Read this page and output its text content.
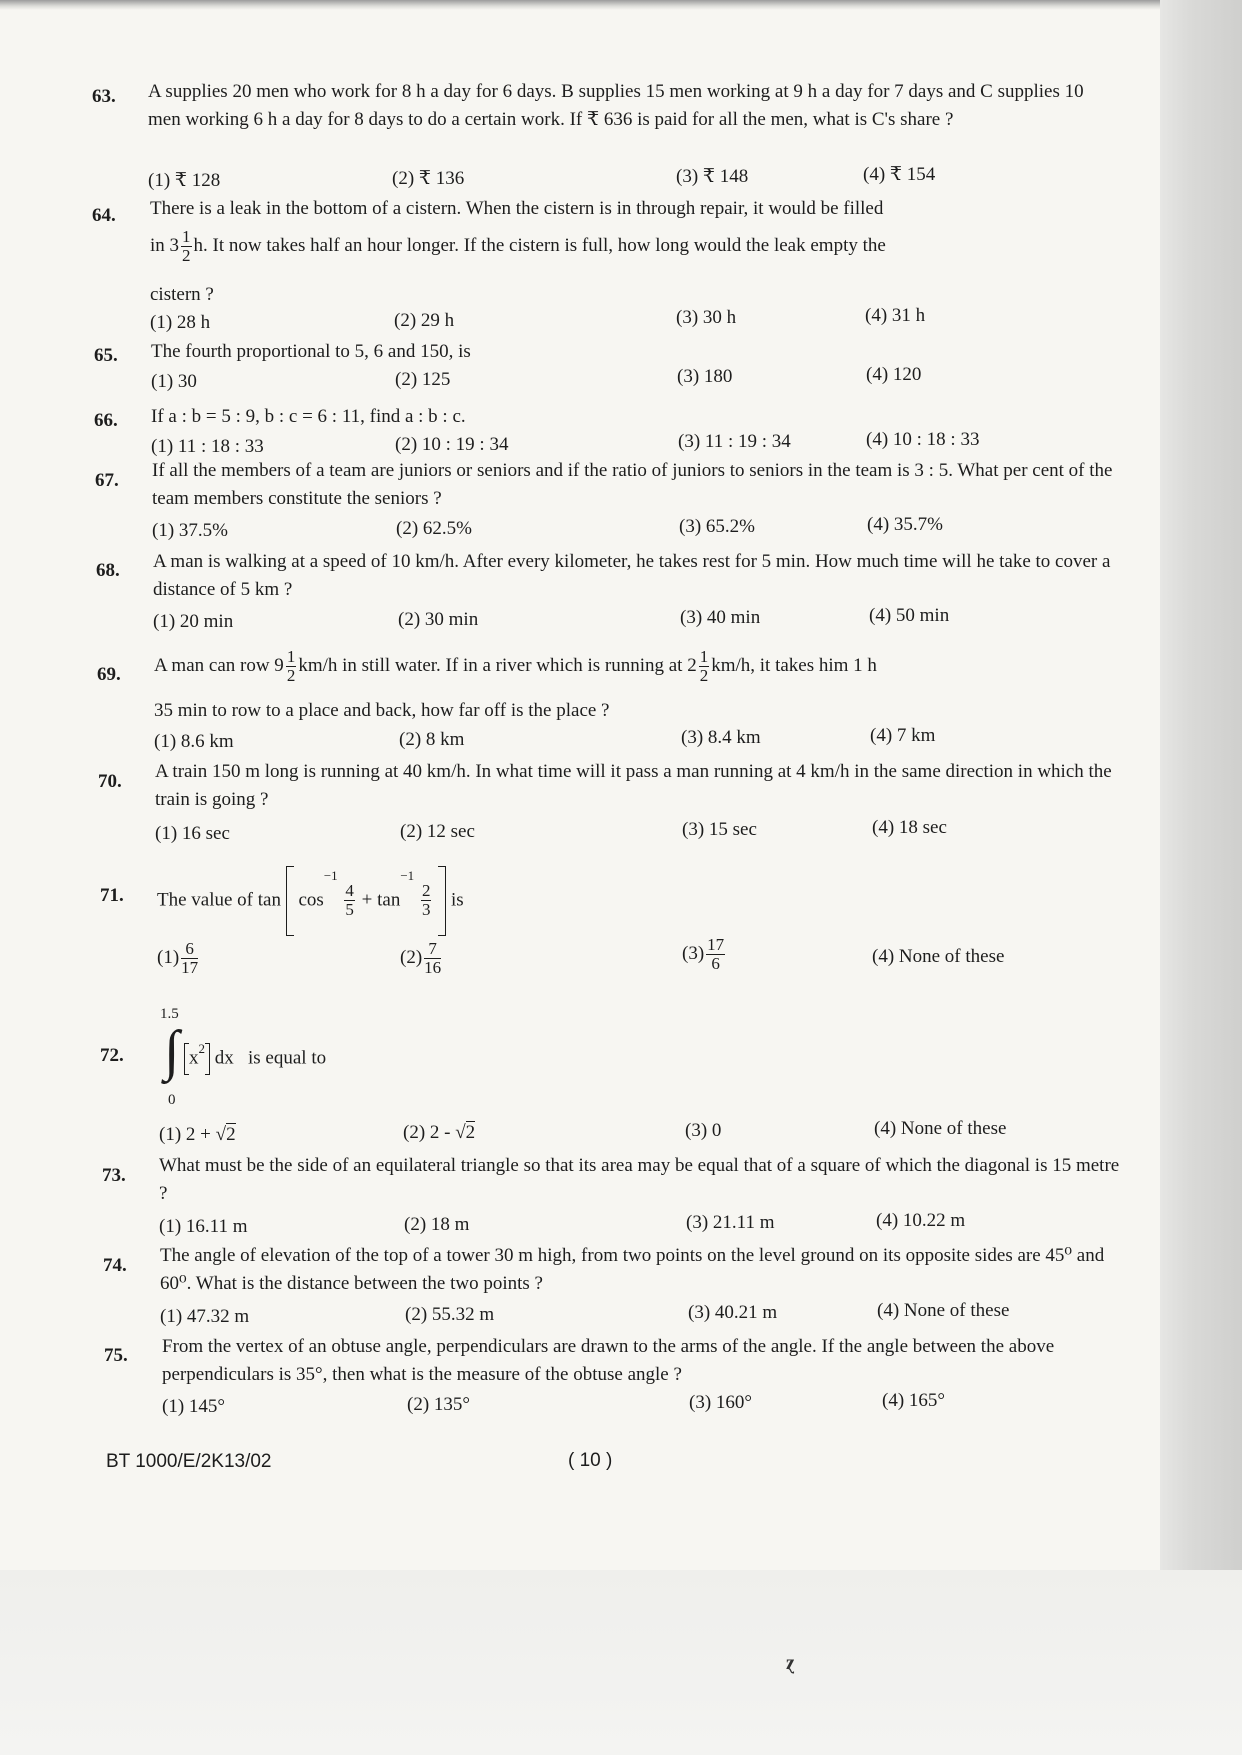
63. A supplies 20 men who work for 8 h a day for 6 days. B supplies 15 men working at 9 h a day for 7 days and C supplies 10 men working 6 h a day for 8 days to do a certain work. If ₹ 636 is paid for all the men, what is C's share ?
(1) ₹ 128	(2) ₹ 136	(3) ₹ 148	(4) ₹ 154
64. There is a leak in the bottom of a cistern. When the cistern is in through repair, it would be filled
in $3 \frac{1}{2} h$. It now takes half an hour longer. If the cistern is full, how long would the leak empty the
cistern ?
(1) 28 h	(2) 29 h	(3) 30 h	(4) 31 h
65. The fourth proportional to 5, 6 and 150, is
(1) 30	(2) 125	(3) 180	(4) 120
66. If a : b = 5 : 9, b : c = 6 : 11, find a : b : c.
(1) 11 : 18 : 33	(2) 10 : 19 : 34	(3) 11 : 19 : 34	(4) 10 : 18 : 33
67. If all the members of a team are juniors or seniors and if the ratio of juniors to seniors in the team is 3 : 5. What per cent of the team members constitute the seniors ?
(1) 37.5%	(2) 62.5%	(3) 65.2%	(4) 35.7%
68. A man is walking at a speed of 10 km/h. After every kilometer, he takes rest for 5 min. How much time will he take to cover a distance of 5 km ?
(1) 20 min	(2) 30 min	(3) 40 min	(4) 50 min
69. A man can row $9 \frac{1}{2} km/h$ in still water. If in a river which is running at $2 \frac{1}{2} km/h$, it takes him 1 h
35 min to row to a place and back, how far off is the place ?
(1) 8.6 km	(2) 8 km	(3) 8.4 km	(4) 7 km
70. A train 150 m long is running at 40 km/h. In what time will it pass a man running at 4 km/h in the same direction in which the train is going ?
(1) 16 sec	(2) 12 sec	(3) 15 sec	(4) 18 sec
71. The value of $\tan \cos^{-1}$
$\frac{4}{5} + \tan^{-1}$
$\frac{2}{3}$ is
$(1) \frac{6}{17}$	$(2) \frac{7}{16}$	$(3) \frac{17}{6}$	(4) None of these
72.
1.5
∫
0
$x^2$ dx is equal to
(1) 2 + √2	(2) 2 - √2	(3) 0	(4) None of these
73. What must be the side of an equilateral triangle so that its area may be equal that of a square of which the diagonal is 15 metre ?
(1) 16.11 m	(2) 18 m	(3) 21.11 m	(4) 10.22 m
74. The angle of elevation of the top of a tower 30 m high, from two points on the level ground on its opposite sides are 45⁰ and 60⁰. What is the distance between the two points ?
(1) 47.32 m	(2) 55.32 m	(3) 40.21 m	(4) None of these
75. From the vertex of an obtuse angle, perpendiculars are drawn to the arms of the angle. If the angle between the above perpendiculars is 35°, then what is the measure of the obtuse angle ?
(1) 145°	(2) 135°	(3) 160°	(4) 165°
BT 1000/E/2K13/02	( 10 )
ɀ
